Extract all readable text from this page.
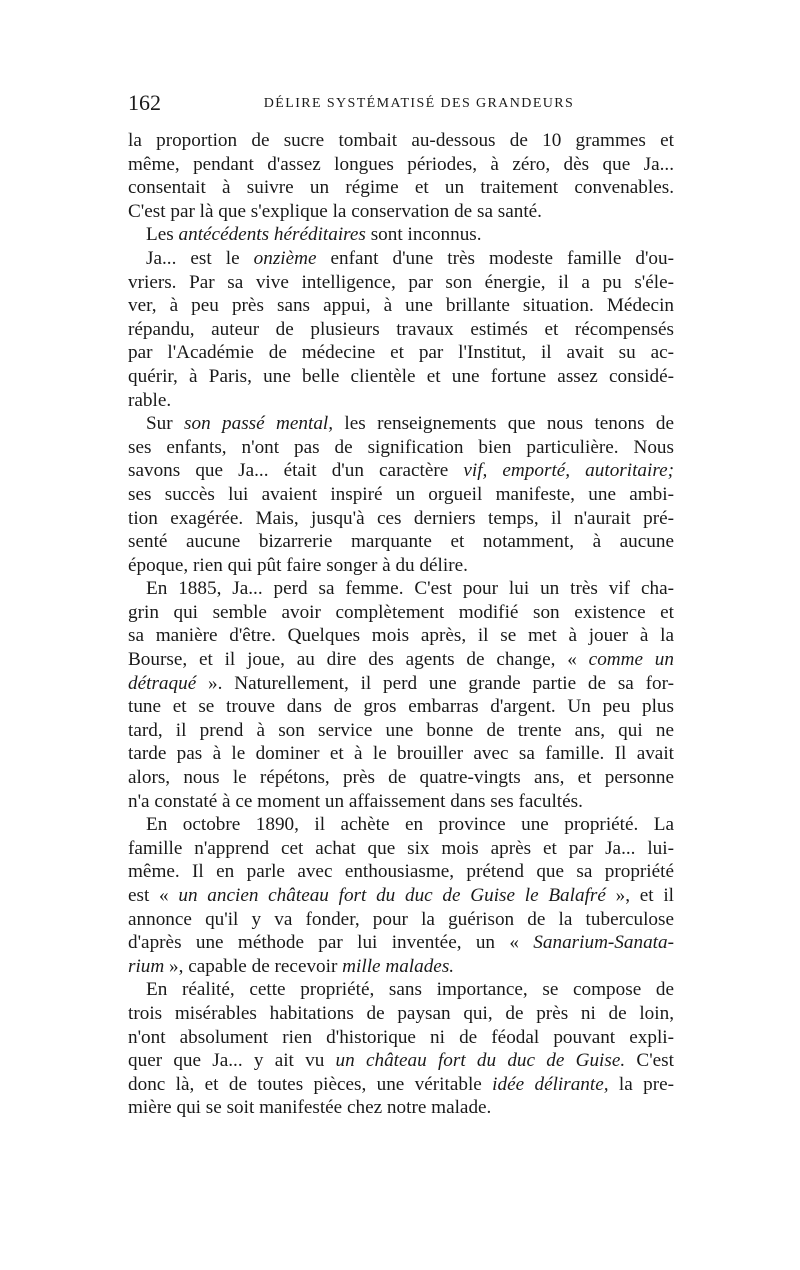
162	DÉLIRE SYSTÉMATISÉ DES GRANDEURS
la proportion de sucre tombait au-dessous de 10 grammes et
même, pendant d'assez longues périodes, à zéro, dès que Ja...
consentait à suivre un régime et un traitement convenables.
C'est par là que s'explique la conservation de sa santé.
Les antécédents héréditaires sont inconnus.
Ja... est le onzième enfant d'une très modeste famille d'ou-
vriers. Par sa vive intelligence, par son énergie, il a pu s'éle-
ver, à peu près sans appui, à une brillante situation. Médecin
répandu, auteur de plusieurs travaux estimés et récompensés
par l'Académie de médecine et par l'Institut, il avait su ac-
quérir, à Paris, une belle clientèle et une fortune assez considé-
rable.
Sur son passé mental, les renseignements que nous tenons de
ses enfants, n'ont pas de signification bien particulière. Nous
savons que Ja... était d'un caractère vif, emporté, autoritaire;
ses succès lui avaient inspiré un orgueil manifeste, une ambi-
tion exagérée. Mais, jusqu'à ces derniers temps, il n'aurait pré-
senté aucune bizarrerie marquante et notamment, à aucune
époque, rien qui pût faire songer à du délire.
En 1885, Ja... perd sa femme. C'est pour lui un très vif cha-
grin qui semble avoir complètement modifié son existence et
sa manière d'être. Quelques mois après, il se met à jouer à la
Bourse, et il joue, au dire des agents de change, « comme un
détraqué ». Naturellement, il perd une grande partie de sa for-
tune et se trouve dans de gros embarras d'argent. Un peu plus
tard, il prend à son service une bonne de trente ans, qui ne
tarde pas à le dominer et à le brouiller avec sa famille. Il avait
alors, nous le répétons, près de quatre-vingts ans, et personne
n'a constaté à ce moment un affaissement dans ses facultés.
En octobre 1890, il achète en province une propriété. La
famille n'apprend cet achat que six mois après et par Ja... lui-
même. Il en parle avec enthousiasme, prétend que sa propriété
est « un ancien château fort du duc de Guise le Balafré », et il
annonce qu'il y va fonder, pour la guérison de la tuberculose
d'après une méthode par lui inventée, un « Sanarium-Sanata-
rium », capable de recevoir mille malades.
En réalité, cette propriété, sans importance, se compose de
trois misérables habitations de paysan qui, de près ni de loin,
n'ont absolument rien d'historique ni de féodal pouvant expli-
quer que Ja... y ait vu un château fort du duc de Guise. C'est
donc là, et de toutes pièces, une véritable idée délirante, la pre-
mière qui se soit manifestée chez notre malade.
